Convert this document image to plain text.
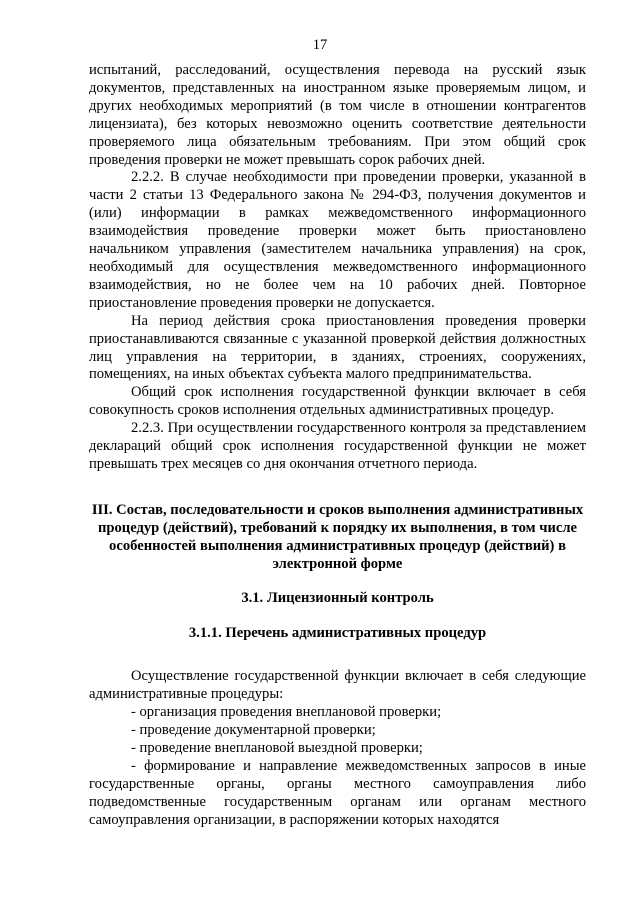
17

испытаний, расследований, осуществления перевода на русский язык документов, представленных на иностранном языке проверяемым лицом, и других необходимых мероприятий (в том числе в отношении контрагентов лицензиата), без которых невозможно оценить соответствие деятельности проверяемого лица обязательным требованиям. При этом общий срок проведения проверки не может превышать сорок рабочих дней.

2.2.2. В случае необходимости при проведении проверки, указанной в части 2 статьи 13 Федерального закона № 294-ФЗ, получения документов и (или) информации в рамках межведомственного информационного взаимодействия проведение проверки может быть приостановлено начальником управления (заместителем начальника управления) на срок, необходимый для осуществления межведомственного информационного взаимодействия, но не более чем на 10 рабочих дней. Повторное приостановление проведения проверки не допускается.

На период действия срока приостановления проведения проверки приостанавливаются связанные с указанной проверкой действия должностных лиц управления на территории, в зданиях, строениях, сооружениях, помещениях, на иных объектах субъекта малого предпринимательства.

Общий срок исполнения государственной функции включает в себя совокупность сроков исполнения отдельных административных процедур.

2.2.3. При осуществлении государственного контроля за представлением деклараций общий срок исполнения государственной функции не может превышать трех месяцев со дня окончания отчетного периода.

III. Состав, последовательности и сроков выполнения административных процедур (действий), требований к порядку их выполнения, в том числе особенностей выполнения административных процедур (действий) в электронной форме

3.1. Лицензионный контроль

3.1.1. Перечень административных процедур

Осуществление государственной функции включает в себя следующие административные процедуры:

- организация проведения внеплановой проверки;

- проведение документарной проверки;

- проведение внеплановой выездной проверки;

- формирование и направление межведомственных запросов в иные государственные органы, органы местного самоуправления либо подведомственные государственным органам или органам местного самоуправления организации, в распоряжении которых находятся
